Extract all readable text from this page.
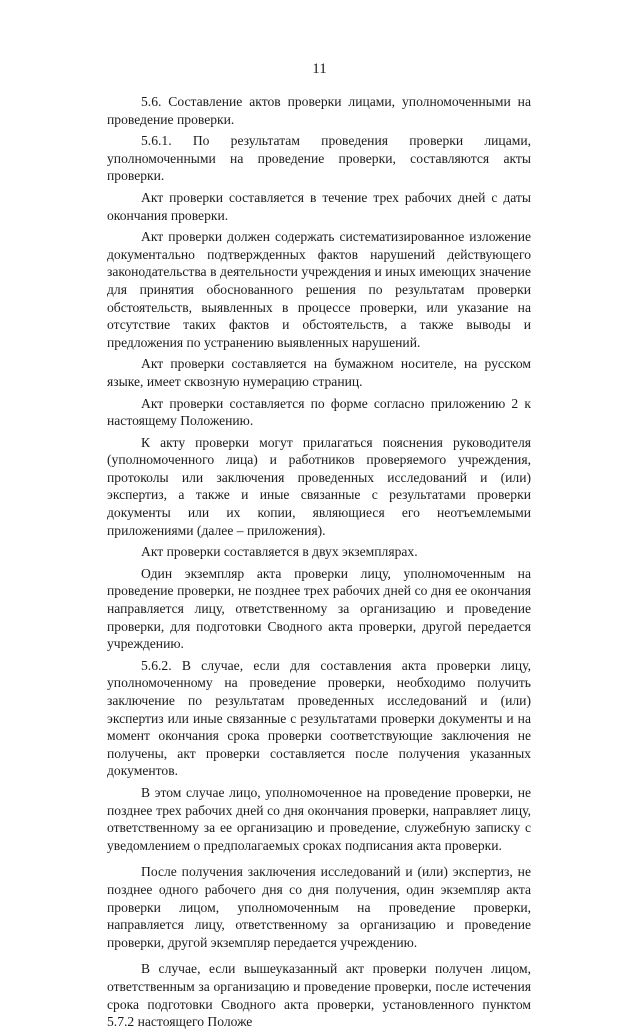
11

5.6. Составление актов проверки лицами, уполномоченными на проведение проверки.

5.6.1. По результатам проведения проверки лицами, уполномоченными на проведение проверки, составляются акты проверки.

Акт проверки составляется в течение трех рабочих дней с даты окончания проверки.

Акт проверки должен содержать систематизированное изложение документально подтвержденных фактов нарушений действующего законодательства в деятельности учреждения и иных имеющих значение для принятия обоснованного решения по результатам проверки обстоятельств, выявленных в процессе проверки, или указание на отсутствие таких фактов и обстоятельств, а также выводы и предложения по устранению выявленных нарушений.

Акт проверки составляется на бумажном носителе, на русском языке, имеет сквозную нумерацию страниц.

Акт проверки составляется по форме согласно приложению 2 к настоящему Положению.

К акту проверки могут прилагаться пояснения руководителя (уполномоченного лица) и работников проверяемого учреждения, протоколы или заключения проведенных исследований и (или) экспертиз, а также и иные связанные с результатами проверки документы или их копии, являющиеся его неотъемлемыми приложениями (далее – приложения).

Акт проверки составляется в двух экземплярах.

Один экземпляр акта проверки лицу, уполномоченным на проведение проверки, не позднее трех рабочих дней со дня ее окончания направляется лицу, ответственному за организацию и проведение проверки, для подготовки Сводного акта проверки, другой передается учреждению.

5.6.2. В случае, если для составления акта проверки лицу, уполномоченному на проведение проверки, необходимо получить заключение по результатам проведенных исследований и (или) экспертиз или иные связанные с результатами проверки документы и на момент окончания срока проверки соответствующие заключения не получены, акт проверки составляется после получения указанных документов.

В этом случае лицо, уполномоченное на проведение проверки, не позднее трех рабочих дней со дня окончания проверки, направляет лицу, ответственному за ее организацию и проведение, служебную записку с уведомлением о предполагаемых сроках подписания акта проверки.

После получения заключения исследований и (или) экспертиз, не позднее одного рабочего дня со дня получения, один экземпляр акта проверки лицом, уполномоченным на проведение проверки, направляется лицу, ответственному за организацию и проведение проверки, другой экземпляр передается учреждению.

В случае, если вышеуказанный акт проверки получен лицом, ответственным за организацию и проведение проверки, после истечения срока подготовки Сводного акта проверки, установленного пунктом 5.7.2 настоящего Положе
